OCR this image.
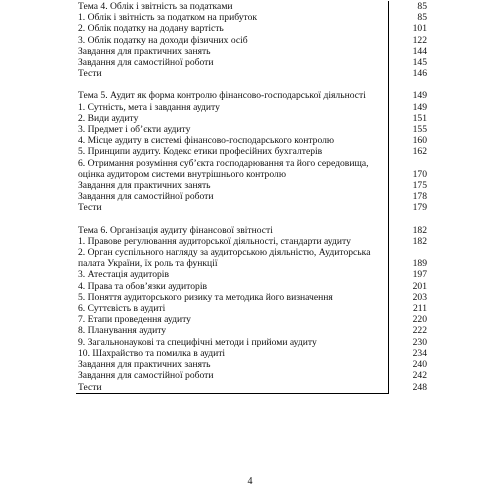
Тема 4. Облік і звітність за податками	85
1. Облік і звітність за податком на прибуток	85
2. Облік податку на додану вартість	101
3. Облік податку на доходи фізичних осіб	122
Завдання для практичних занять	144
Завдання для самостійної роботи	145
Тести	146

Тема 5. Аудит як форма контролю фінансово-господарської діяльності	149
1. Сутність, мета і завдання аудиту	149
2. Види аудиту	151
3. Предмет і об’єкти аудиту	155
4. Місце аудиту в системі фінансово-господарського контролю	160
5. Принципи аудиту. Кодекс етики професійних бухгалтерів	162
6. Отримання розуміння суб’єкта господарювання та його середовища, оцінка аудитором системи внутрішнього контролю	170
Завдання для практичних занять	175
Завдання для самостійної роботи	178
Тести	179

Тема 6. Організація аудиту фінансової звітності	182
1. Правове регулювання аудиторської діяльності, стандарти аудиту	182
2. Орган суспільного нагляду за аудиторською діяльністю, Аудиторська палата України, їх роль та функції	189
3. Атестація аудиторів	197
4. Права та обов’язки аудиторів	201
5. Поняття аудиторського ризику та методика його визначення	203
6. Суттєвість в аудиті	211
7. Етапи проведення аудиту	220
8. Планування аудиту	222
9. Загальнонаукові та специфічні методи і прийоми аудиту	230
10. Шахрайство та помилка в аудиті	234
Завдання для практичних занять	240
Завдання для самостійної роботи	242
Тести	248
4
